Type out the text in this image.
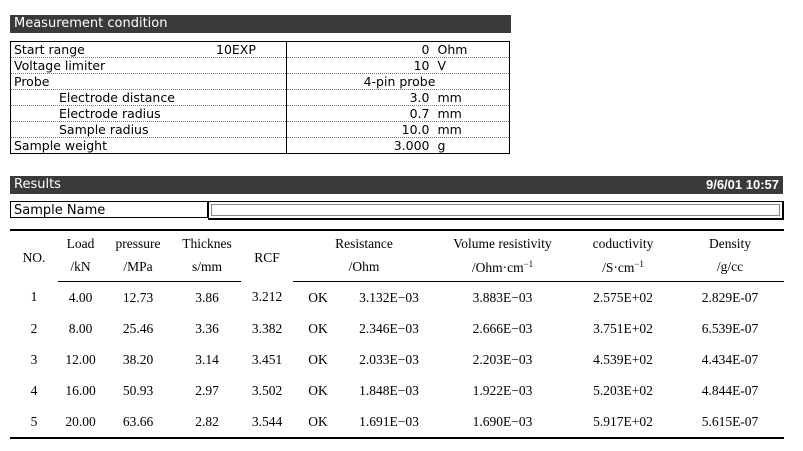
Measurement condition
Start range 10EXP	0 Ohm
Voltage limiter	10 V
Probe	4-pin probe
Electrode distance	3.0 mm
Electrode radius	0.7 mm
Sample radius	10.0 mm
Sample weight	3.000 g
Results	9/6/01 10:57
Sample Name
NO.	Load	pressure	Thicknes	RCF	Resistance		Volume resistivity	coductivity	Density
	/kN	/MPa	s/mm		/Ohm		$/Ohm\cdot cm^{-1}$	$/S\cdot cm^{-1}$	/g/cc
1	4.00	12.73	3.86	3.212	OK	3.132E−03	3.883E−03	2.575E+02	2.829E-07
2	8.00	25.46	3.36	3.382	OK	2.346E−03	2.666E−03	3.751E+02	6.539E-07
3	12.00	38.20	3.14	3.451	OK	2.033E−03	2.203E−03	4.539E+02	4.434E-07
4	16.00	50.93	2.97	3.502	OK	1.848E−03	1.922E−03	5.203E+02	4.844E-07
5	20.00	63.66	2.82	3.544	OK	1.691E−03	1.690E−03	5.917E+02	5.615E-07
